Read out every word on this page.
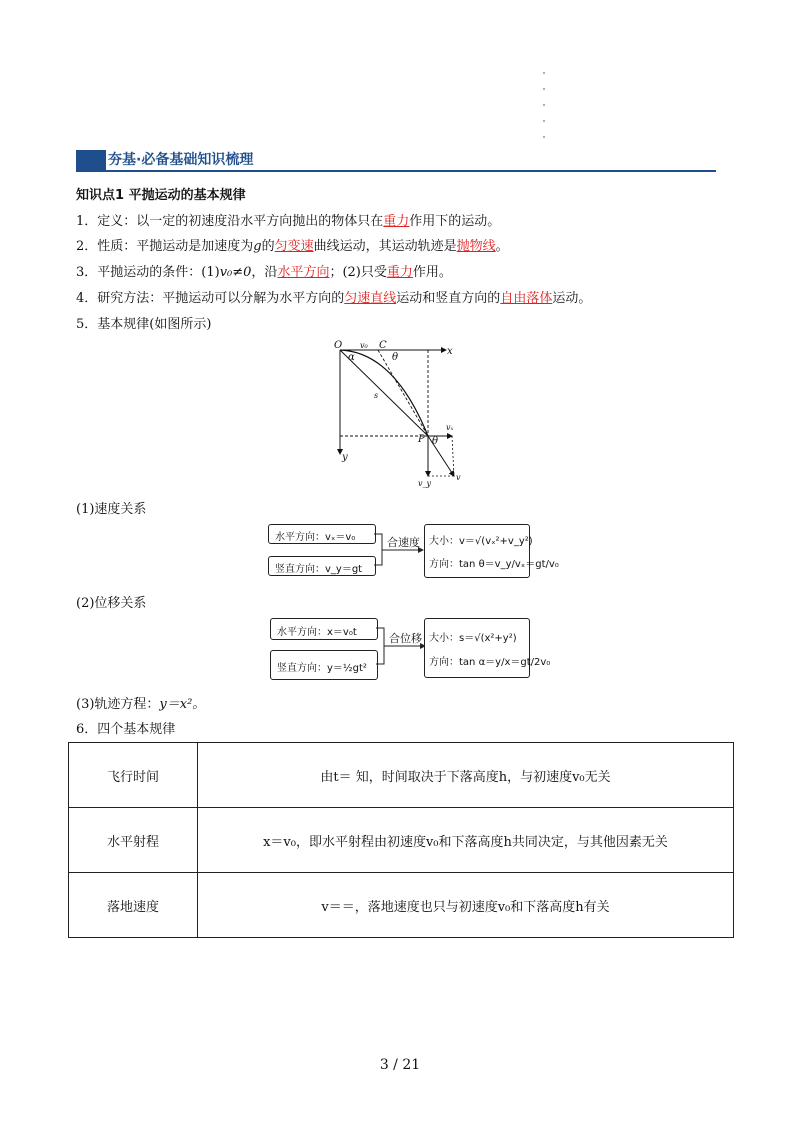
夯基·必备基础知识梳理
知识点1 平抛运动的基本规律
1．定义：以一定的初速度沿水平方向抛出的物体只在重力作用下的运动。
2．性质：平抛运动是加速度为g的匀变速曲线运动，其运动轨迹是抛物线。
3．平抛运动的条件：(1)v₀≠0，沿水平方向；(2)只受重力作用。
4．研究方法：平抛运动可以分解为水平方向的匀速直线运动和竖直方向的自由落体运动。
5．基本规律(如图所示)
O
x
y
v₀ C
α	θ
s
P θ
vₓ
v_y
v
(1)速度关系
水平方向：vₓ＝v₀
竖直方向：v_y＝gt
合速度 大小：v＝√(vₓ²+v_y²)
方向：tan θ＝v_y/vₓ＝gt/v₀
(2)位移关系
水平方向：x＝v₀t
竖直方向：y＝½gt²
合位移 大小：s＝√(x²+y²)
方向：tan α＝y/x＝gt/2v₀
(3)轨迹方程：y＝x²。
6．四个基本规律
飞行时间	由t＝ 知，时间取决于下落高度h，与初速度v₀无关
水平射程	x＝v₀，即水平射程由初速度v₀和下落高度h共同决定，与其他因素无关
落地速度	v＝＝，落地速度也只与初速度v₀和下落高度h有关
3 / 21
